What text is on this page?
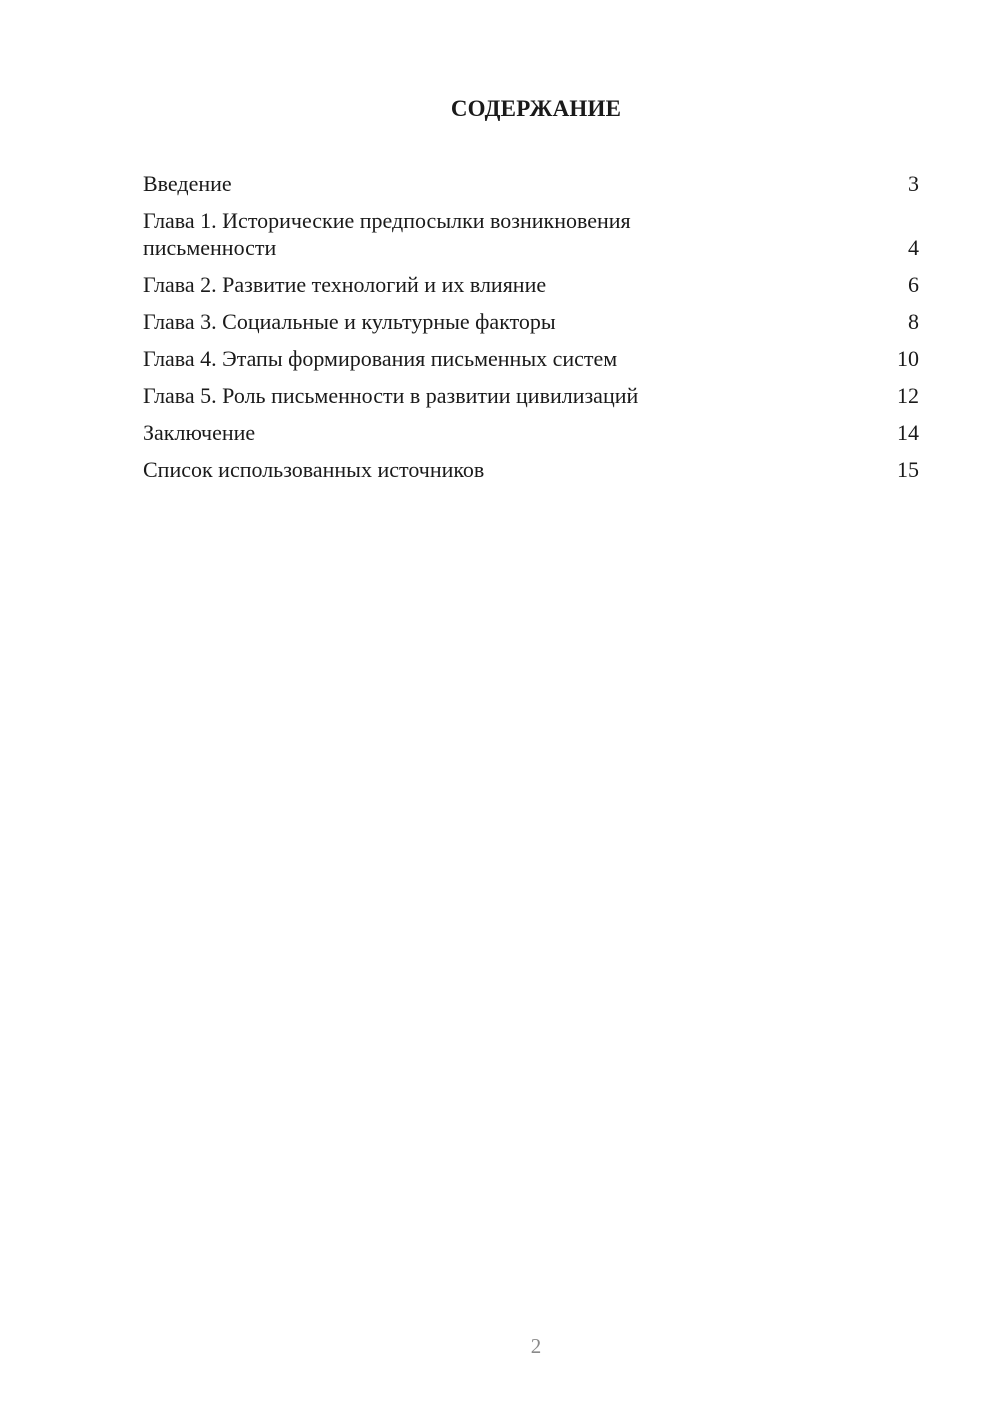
СОДЕРЖАНИЕ
Введение	3
Глава 1. Исторические предпосылки возникновения письменности	4
Глава 2. Развитие технологий и их влияние	6
Глава 3. Социальные и культурные факторы	8
Глава 4. Этапы формирования письменных систем	10
Глава 5. Роль письменности в развитии цивилизаций	12
Заключение	14
Список использованных источников	15
2
